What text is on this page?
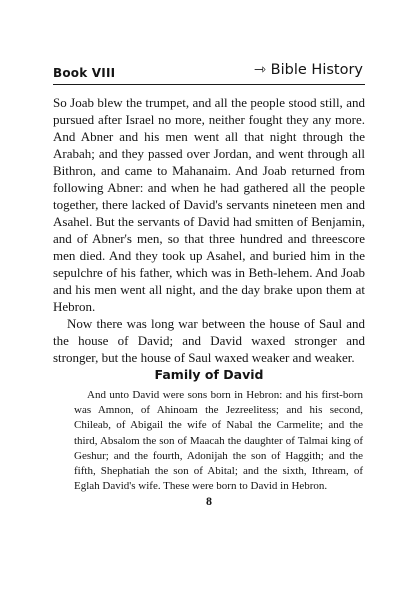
Book VIII	⇾ Bible History

So Joab blew the trumpet, and all the people stood still, and pursued after Israel no more, neither fought they any more. And Abner and his men went all that night through the Arabah; and they passed over Jordan, and went through all Bithron, and came to Mahanaim. And Joab returned from following Abner: and when he had gathered all the people together, there lacked of David's servants nineteen men and Asahel. But the servants of David had smitten of Benjamin, and of Abner's men, so that three hundred and threescore men died. And they took up Asahel, and buried him in the sepulchre of his father, which was in Beth-lehem. And Joab and his men went all night, and the day brake upon them at Hebron.

Now there was long war between the house of Saul and the house of David; and David waxed stronger and stronger, but the house of Saul waxed weaker and weaker.

Family of David

And unto David were sons born in Hebron: and his first-born was Amnon, of Ahinoam the Jezreelitess; and his second, Chileab, of Abigail the wife of Nabal the Carmelite; and the third, Absalom the son of Maacah the daughter of Talmai king of Geshur; and the fourth, Adonijah the son of Haggith; and the fifth, Shephatiah the son of Abital; and the sixth, Ithream, of Eglah David's wife. These were born to David in Hebron.

8
